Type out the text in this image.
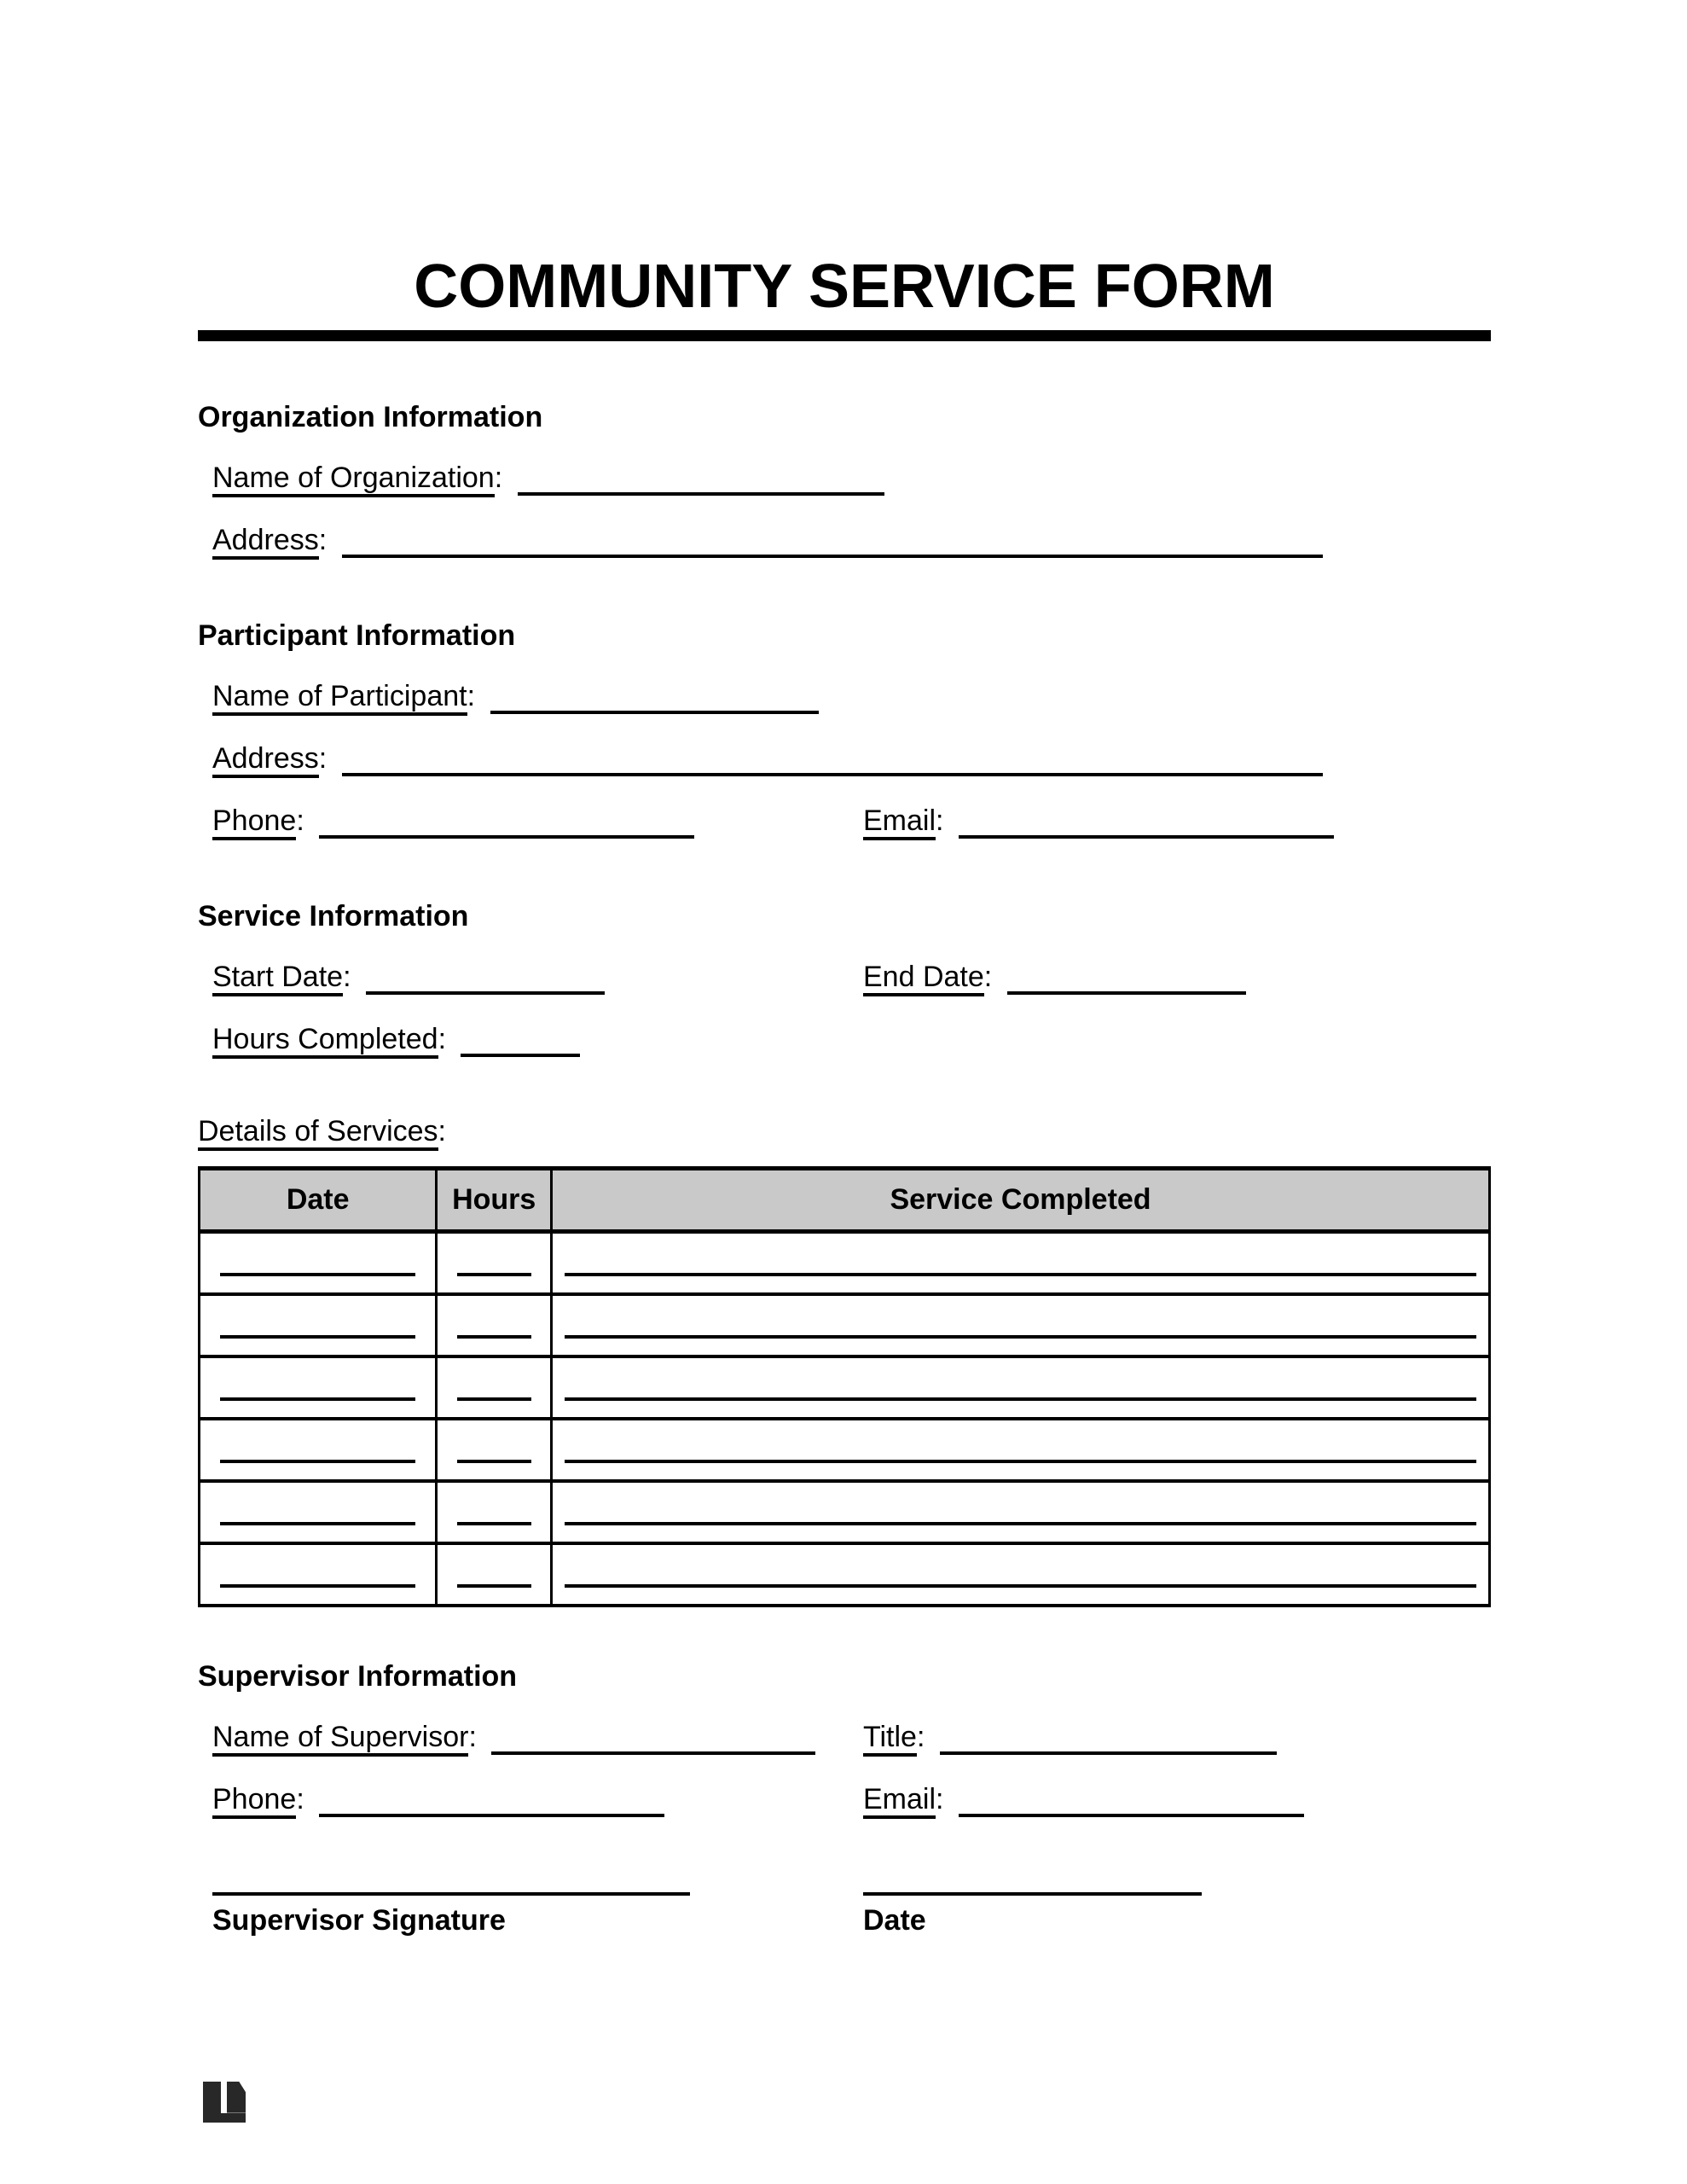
COMMUNITY SERVICE FORM
Organization Information
Name of Organization:
Address:
Participant Information
Name of Participant:
Address:
Phone:	Email:
Service Information
Start Date:	End Date:
Hours Completed:
Details of Services:
Date	Hours	Service Completed

Supervisor Information
Name of Supervisor:	Title:
Phone:	Email:
Supervisor Signature	Date
